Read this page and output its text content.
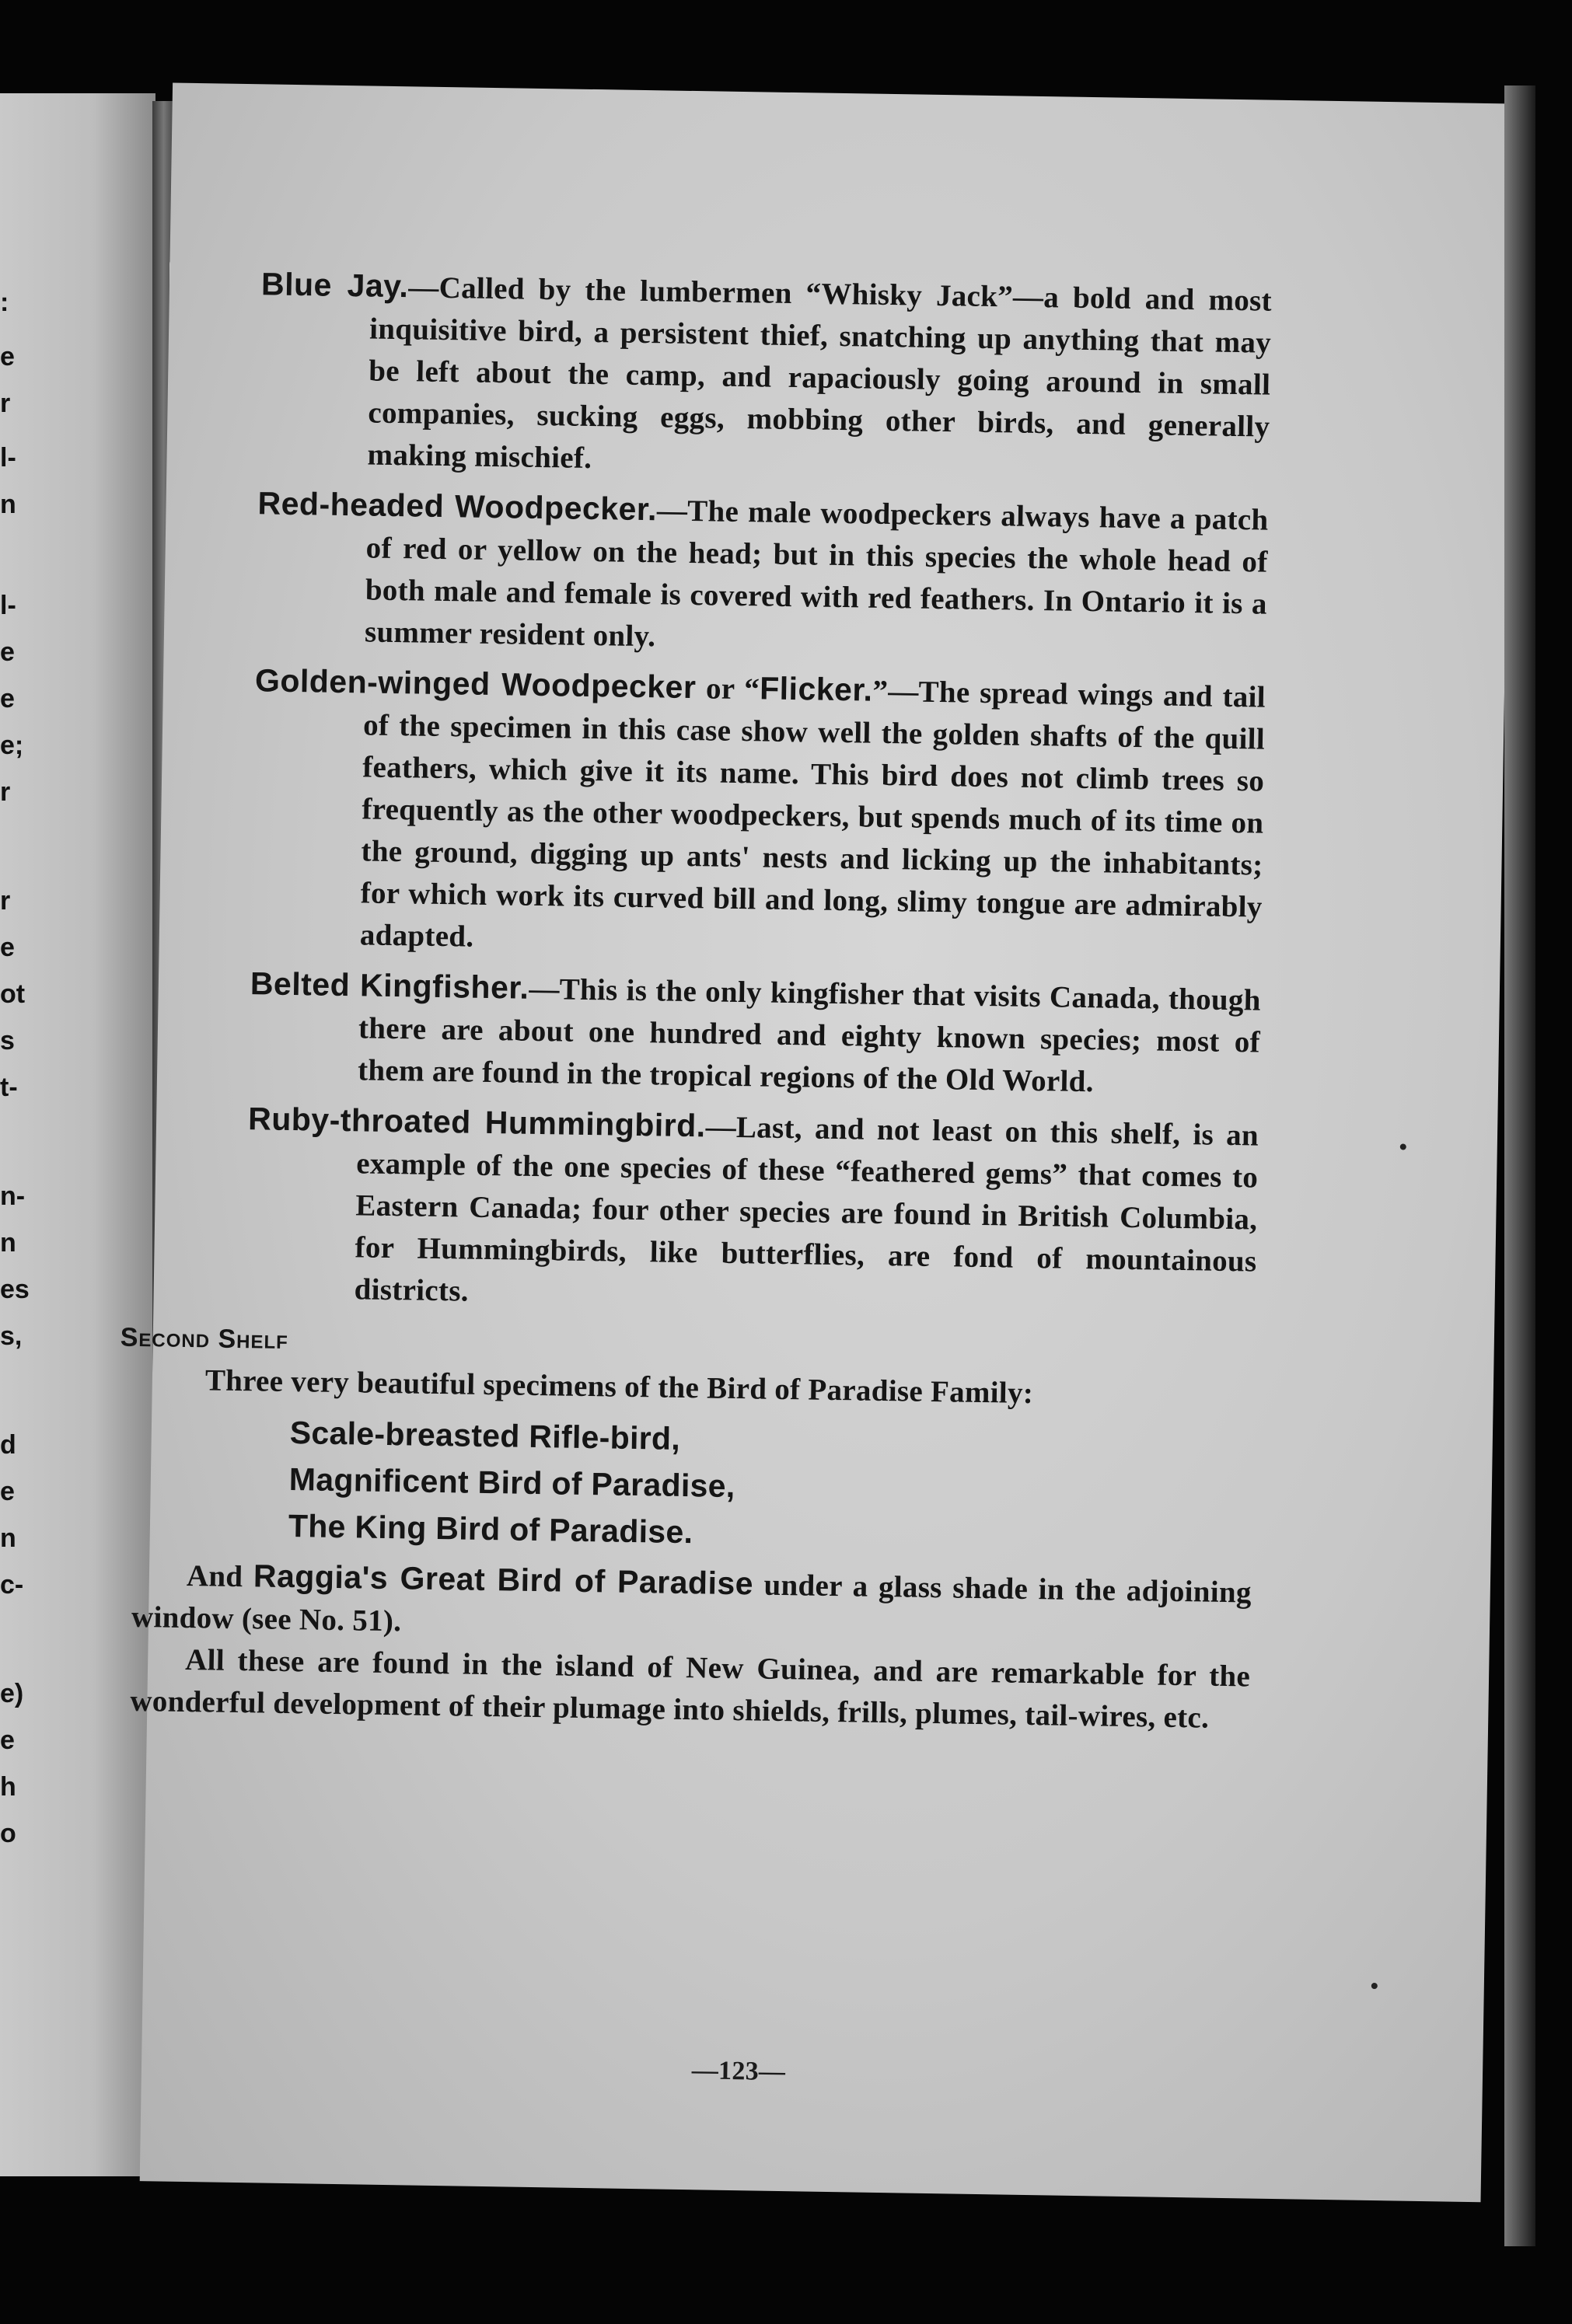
:
e
r
l-
n
l-
e
e
e;
r
r
e
ot
s
t-
n-
n
es
s,
d
e
n
c-
e)
e
h
o

Blue Jay.—Called by the lumbermen “Whisky Jack”—a bold and most inquisitive bird, a persistent thief, snatching up anything that may be left about the camp, and rapaciously going around in small companies, sucking eggs, mobbing other birds, and generally making mischief.

Red-headed Woodpecker.—The male woodpeckers always have a patch of red or yellow on the head; but in this species the whole head of both male and female is covered with red feathers. In Ontario it is a summer resident only.

Golden-winged Woodpecker or “Flicker.”—The spread wings and tail of the specimen in this case show well the golden shafts of the quill feathers, which give it its name. This bird does not climb trees so frequently as the other woodpeckers, but spends much of its time on the ground, digging up ants' nests and licking up the inhabitants; for which work its curved bill and long, slimy tongue are admirably adapted.

Belted Kingfisher.—This is the only kingfisher that visits Canada, though there are about one hundred and eighty known species; most of them are found in the tropical regions of the Old World.

Ruby-throated Hummingbird.—Last, and not least on this shelf, is an example of the one species of these “feathered gems” that comes to Eastern Canada; four other species are found in British Columbia, for Hummingbirds, like butterflies, are fond of mountainous districts.

Second Shelf

Three very beautiful specimens of the Bird of Paradise Family:

Scale-breasted Rifle-bird,
Magnificent Bird of Paradise,
The King Bird of Paradise.

And Raggia's Great Bird of Paradise under a glass shade in the adjoining window (see No. 51).

All these are found in the island of New Guinea, and are remarkable for the wonderful development of their plumage into shields, frills, plumes, tail-wires, etc.

—123—
